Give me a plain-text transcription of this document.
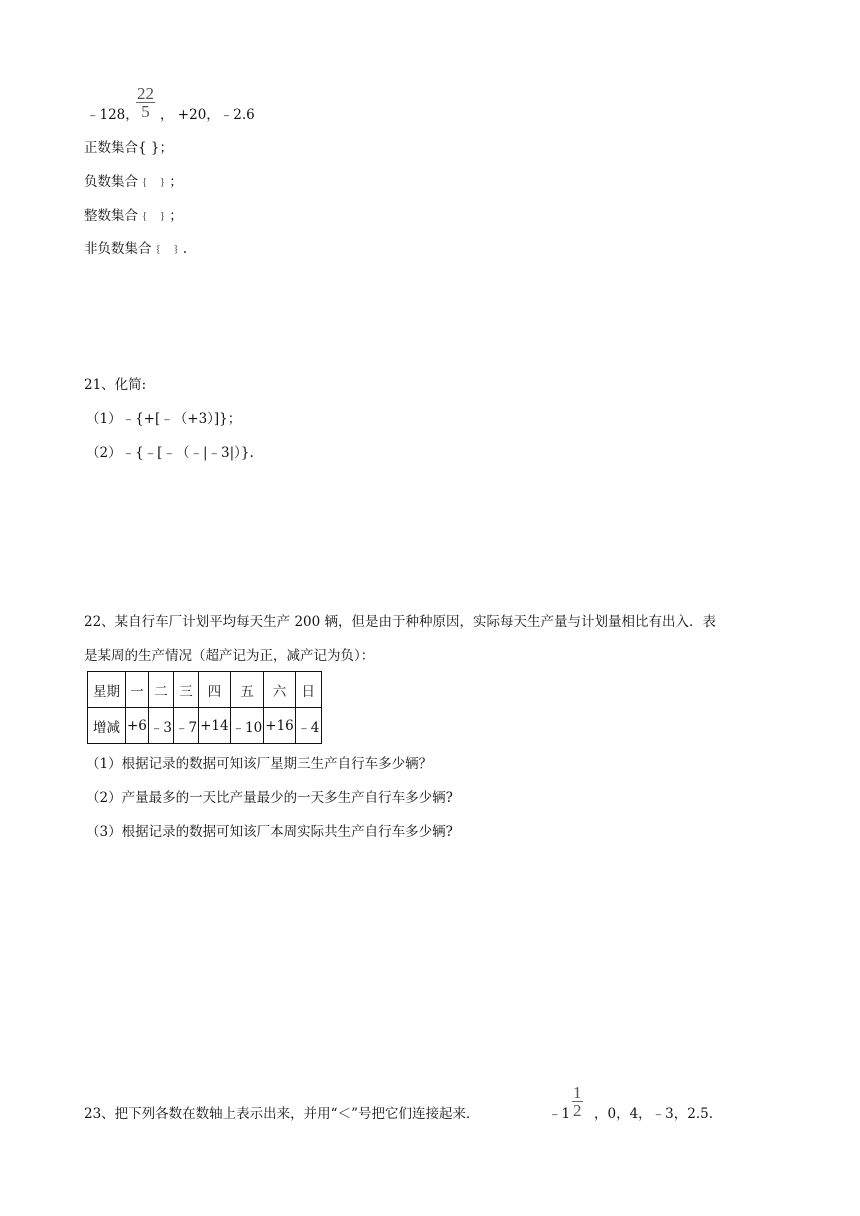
﹣128，
$\frac{22}{5}$ ， +20，﹣2.6
正数集合{ }；
负数集合﹛ ﹜；
整数集合﹛ ﹜；
非负数集合﹛ ﹜.
21、化简:
（1）﹣{+[﹣（+3）]}；
（2）﹣{﹣[﹣（﹣|﹣3|）}.
22、某自行车厂计划平均每天生产 200 辆，但是由于种种原因，实际每天生产量与计划量相比有出入．表
是某周的生产情况（超产记为正，减产记为负）：
星期	一	二	三	四	五	六	日
增减	+6	﹣3	﹣7	+14	﹣10	+16	﹣4
（1）根据记录的数据可知该厂星期三生产自行车多少辆？
（2）产量最多的一天比产量最少的一天多生产自行车多少辆?
（3）根据记录的数据可知该厂本周实际共生产自行车多少辆?
23、把下列各数在数轴上表示出来，并用“＜”号把它们连接起来．	﹣1 $\frac{1}{2}$ ，0，4，﹣3，2.5.
